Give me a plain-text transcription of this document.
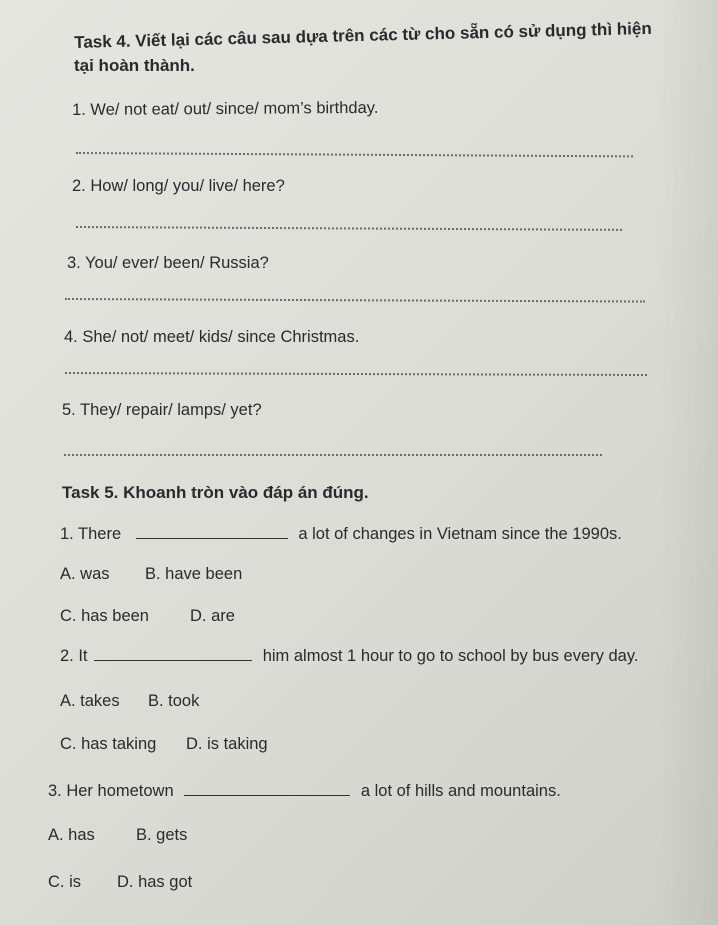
Task 4. Viết lại các câu sau dựa trên các từ cho sẵn có sử dụng thì hiện
tại hoàn thành.
1. We/ not eat/ out/ since/ mom’s birthday.
2. How/ long/ you/ live/ here?
3. You/ ever/ been/ Russia?
4. She/ not/ meet/ kids/ since Christmas.
5. They/ repair/ lamps/ yet?
Task 5. Khoanh tròn vào đáp án đúng.
1. There	a lot of changes in Vietnam since the 1990s.
A. was B. have been
C. has been D. are
2. It	him almost 1 hour to go to school by bus every day.
A. takes B. took
C. has taking D. is taking
3. Her hometown	a lot of hills and mountains.
A. has B. gets
C. is D. has got
